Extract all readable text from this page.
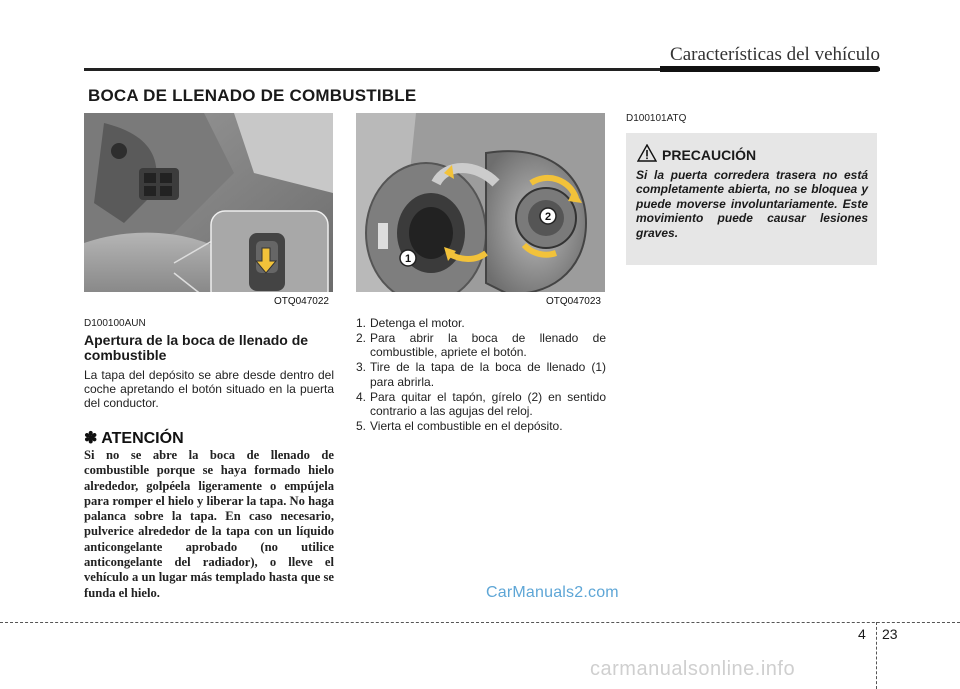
Características del vehículo
BOCA DE LLENADO DE COMBUSTIBLE
OTQ047022
1
2
OTQ047023
D100100AUN
Apertura de la boca de llenado de combustible
La tapa del depósito se abre desde dentro del coche apretando el botón situado en la puerta del conductor.
✽ ATENCIÓN
Si no se abre la boca de llenado de combustible porque se haya formado hielo alrededor, golpéela ligeramente o empújela para romper el hielo y liberar la tapa. No haga palanca sobre la tapa. En caso necesario, pulverice alrededor de la tapa con un líquido anticongelante aprobado (no utilice anticongelante del radiador), o lleve el vehículo a un lugar más templado hasta que se funda el hielo.
1. Detenga el motor.
2. Para abrir la boca de llenado de combustible, apriete el botón.
3. Tire de la tapa de la boca de llenado (1) para abrirla.
4. Para quitar el tapón, gírelo (2) en sentido contrario a las agujas del reloj.
5. Vierta el combustible en el depósito.
D100101ATQ
PRECAUCIÓN
Si la puerta corredera trasera no está completamente abierta, no se bloquea y puede moverse involuntariamente. Este movimiento puede causar lesiones graves.
CarManuals2.com
4 23
carmanualsonline.info
